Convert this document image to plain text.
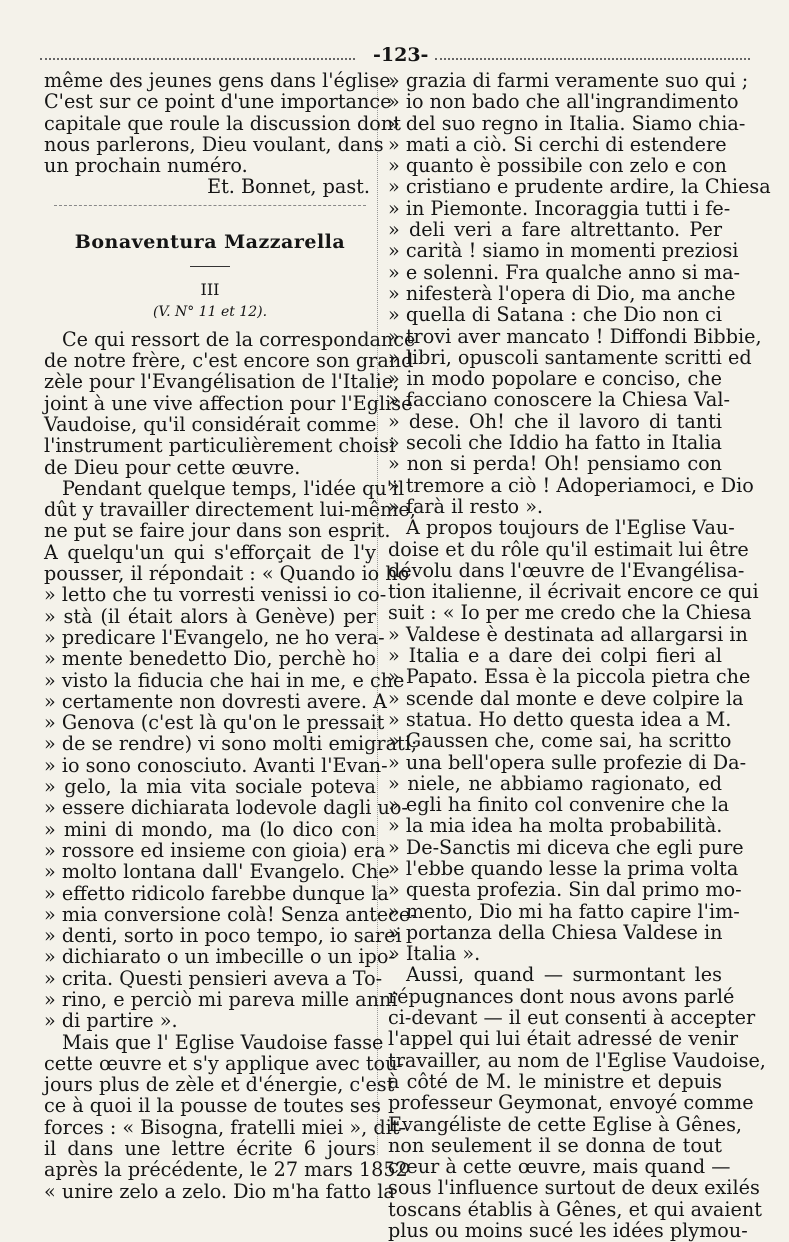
-123-
même des jeunes gens dans l'église.
C'est sur ce point d'une importance
capitale que roule la discussion dont
nous parlerons, Dieu voulant, dans
un prochain numéro.
Et. Bonnet, past.
Bonaventura Mazzarella
III
(V. N° 11 et 12).
Ce qui ressort de la correspondance
de notre frère, c'est encore son grand
zèle pour l'Evangélisation de l'Italie,
joint à une vive affection pour l'Eglise
Vaudoise, qu'il considérait comme
l'instrument particulièrement choisi
de Dieu pour cette œuvre.
Pendant quelque temps, l'idée qu'il
dût y travailler directement lui-même,
ne put se faire jour dans son esprit.
A quelqu'un qui s'efforçait de l'y
pousser, il répondait : « Quando io ho
» letto che tu vorresti venissi io co-
» stà (il était alors à Genève) per
» predicare l'Evangelo, ne ho vera-
» mente benedetto Dio, perchè ho
» visto la fiducia che hai in me, e che
» certamente non dovresti avere. A
» Genova (c'est là qu'on le pressait
» de se rendre) vi sono molti emigrati;
» io sono conosciuto. Avanti l'Evan-
» gelo, la mia vita sociale poteva
» essere dichiarata lodevole dagli uo-
» mini di mondo, ma (lo dico con
» rossore ed insieme con gioia) era
» molto lontana dall' Evangelo. Che
» effetto ridicolo farebbe dunque la
» mia conversione colà! Senza antece-
» denti, sorto in poco tempo, io sarei
» dichiarato o un imbecille o un ipo-
» crita. Questi pensieri aveva a To-
» rino, e perciò mi pareva mille anni
» di partire ».
Mais que l' Eglise Vaudoise fasse
cette œuvre et s'y applique avec tou-
jours plus de zèle et d'énergie, c'est
ce à quoi il la pousse de toutes ses
forces : « Bisogna, fratelli miei », dit-
il dans une lettre écrite 6 jours
après la précédente, le 27 mars 1852
« unire zelo a zelo. Dio m'ha fatto la
» grazia di farmi veramente suo qui ;
» io non bado che all'ingrandimento
» del suo regno in Italia. Siamo chia-
» mati a ciò. Si cerchi di estendere
» quanto è possibile con zelo e con
» cristiano e prudente ardire, la Chiesa
» in Piemonte. Incoraggia tutti i fe-
» deli veri a fare altrettanto. Per
» carità ! siamo in momenti preziosi
» e solenni. Fra qualche anno si ma-
» nifesterà l'opera di Dio, ma anche
» quella di Satana : che Dio non ci
» trovi aver mancato ! Diffondi Bibbie,
» libri, opuscoli santamente scritti ed
» in modo popolare e conciso, che
» facciano conoscere la Chiesa Val-
» dese. Oh! che il lavoro di tanti
» secoli che Iddio ha fatto in Italia
» non si perda! Oh! pensiamo con
» tremore a ciò ! Adoperiamoci, e Dio
» farà il resto ».
A propos toujours de l'Eglise Vau-
doise et du rôle qu'il estimait lui être
dévolu dans l'œuvre de l'Evangélisa-
tion italienne, il écrivait encore ce qui
suit : « Io per me credo che la Chiesa
» Valdese è destinata ad allargarsi in
» Italia e a dare dei colpi fieri al
» Papato. Essa è la piccola pietra che
» scende dal monte e deve colpire la
» statua. Ho detto questa idea a M.
» Gaussen che, come sai, ha scritto
» una bell'opera sulle profezie di Da-
» niele, ne abbiamo ragionato, ed
» egli ha finito col convenire che la
» la mia idea ha molta probabilità.
» De-Sanctis mi diceva che egli pure
» l'ebbe quando lesse la prima volta
» questa profezia. Sin dal primo mo-
» mento, Dio mi ha fatto capire l'im-
» portanza della Chiesa Valdese in
» Italia ».
Aussi, quand — surmontant les
répugnances dont nous avons parlé
ci-devant — il eut consenti à accepter
l'appel qui lui était adressé de venir
travailler, au nom de l'Eglise Vaudoise,
à côté de M. le ministre et depuis
professeur Geymonat, envoyé comme
Evangéliste de cette Eglise à Gênes,
non seulement il se donna de tout
cœur à cette œuvre, mais quand —
sous l'influence surtout de deux exilés
toscans établis à Gênes, et qui avaient
plus ou moins sucé les idées plymou-
